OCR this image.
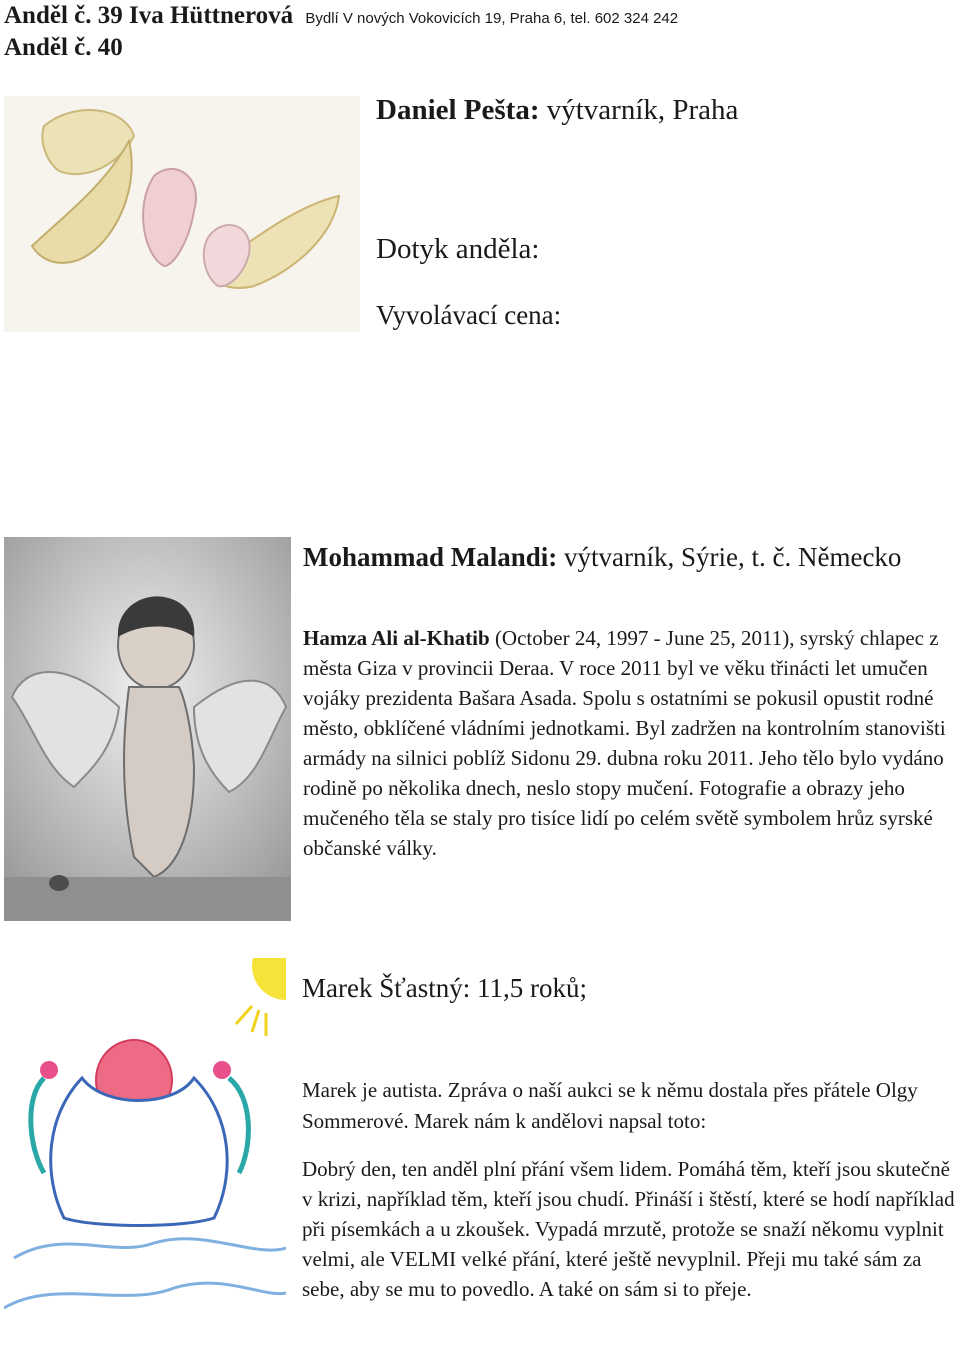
Anděl č. 39 Iva Hüttnerová Bydlí V nových Vokovicích 19, Praha 6, tel. 602 324 242
Anděl č. 40
Daniel Pešta: výtvarník, Praha
Dotyk anděla:
Vyvolávací cena:
Mohammad Malandi: výtvarník, Sýrie, t. č. Německo
Hamza Ali al-Khatib (October 24, 1997 - June 25, 2011), syrský chlapec z města Giza v provincii Deraa. V roce 2011 byl ve věku třinácti let umučen vojáky prezidenta Bašara Asada. Spolu s ostatními se pokusil opustit rodné město, obklíčené vládními jednotkami. Byl zadržen na kontrolním stanovišti armády na silnici poblíž Sidonu 29. dubna roku 2011. Jeho tělo bylo vydáno rodině po několika dnech, neslo stopy mučení. Fotografie a obrazy jeho mučeného těla se staly pro tisíce lidí po celém světě symbolem hrůz syrské občanské války.
Marek Šťastný: 11,5 roků;
Marek je autista. Zpráva o naší aukci se k němu dostala přes přátele Olgy Sommerové. Marek nám k andělovi napsal toto:
Dobrý den, ten anděl plní přání všem lidem. Pomáhá těm, kteří jsou skutečně v krizi, například těm, kteří jsou chudí. Přináší i štěstí, které se hodí například při písemkách a u zkoušek. Vypadá mrzutě, protože se snaží někomu vyplnit velmi, ale VELMI velké přání, které ještě nevyplnil. Přeji mu také sám za sebe, aby se mu to povedlo. A také on sám si to přeje.
